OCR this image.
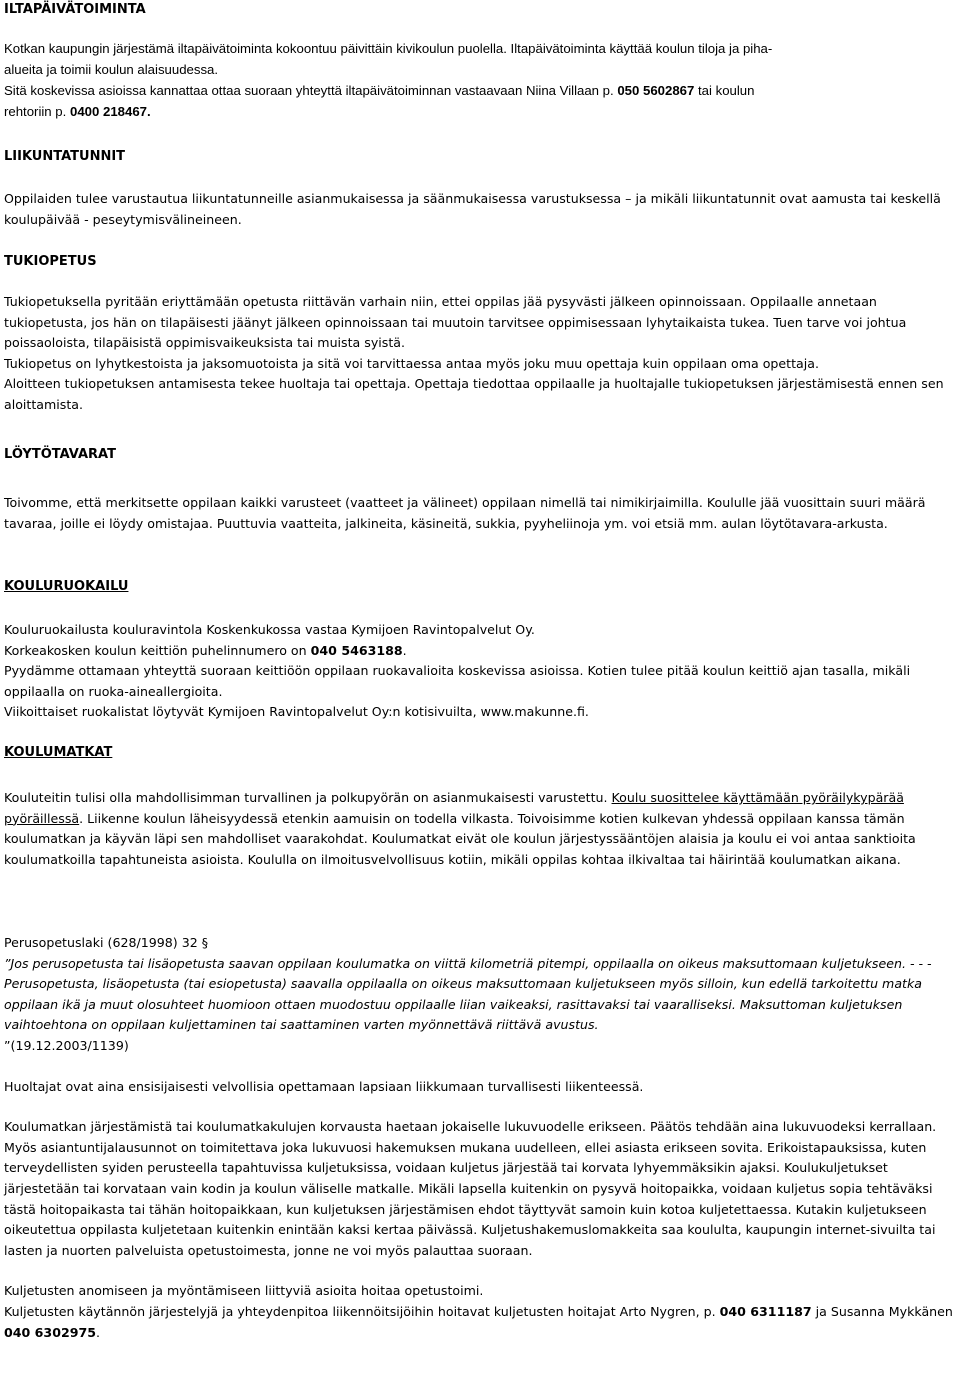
ILTAPÄIVÄTOIMINTA

Kotkan kaupungin järjestämä iltapäivätoiminta kokoontuu päivittäin kivikoulun puolella. Iltapäivätoiminta käyttää koulun tiloja ja piha-
alueita ja toimii koulun alaisuudessa.
Sitä koskevissa asioissa kannattaa ottaa suoraan yhteyttä iltapäivätoiminnan vastaavaan Niina Villaan p. 050 5602867 tai koulun
rehtoriin p. 0400 218467.

LIIKUNTATUNNIT

Oppilaiden tulee varustautua liikuntatunneille asianmukaisessa ja säänmukaisessa varustuksessa – ja mikäli liikuntatunnit ovat aamusta tai keskellä koulupäivää - peseytymisvälineineen.

TUKIOPETUS

Tukiopetuksella pyritään eriyttämään opetusta riittävän varhain niin, ettei oppilas jää pysyvästi jälkeen opinnoissaan. Oppilaalle annetaan tukiopetusta, jos hän on tilapäisesti jäänyt jälkeen opinnoissaan tai muutoin tarvitsee oppimisessaan lyhytaikaista tukea. Tuen tarve voi johtua poissaoloista, tilapäisistä oppimisvaikeuksista tai muista syistä.

Tukiopetus on lyhytkestoista ja jaksomuotoista ja sitä voi tarvittaessa antaa myös joku muu opettaja kuin oppilaan oma opettaja.

Aloitteen tukiopetuksen antamisesta tekee huoltaja tai opettaja. Opettaja tiedottaa oppilaalle ja huoltajalle tukiopetuksen järjestämisestä ennen sen aloittamista.

LÖYTÖTAVARAT

Toivomme, että merkitsette oppilaan kaikki varusteet (vaatteet ja välineet) oppilaan nimellä tai nimikirjaimilla. Koululle jää vuosittain suuri määrä tavaraa, joille ei löydy omistajaa. Puuttuvia vaatteita, jalkineita, käsineitä, sukkia, pyyheliinoja ym. voi etsiä mm. aulan löytötavara-arkusta.

KOULURUOKAILU

Kouluruokailusta kouluravintola Koskenkukossa vastaa Kymijoen Ravintopalvelut Oy.

Korkeakosken koulun keittiön puhelinnumero on 040 5463188.

Pyydämme ottamaan yhteyttä suoraan keittiöön oppilaan ruokavalioita koskevissa asioissa. Kotien tulee pitää koulun keittiö ajan tasalla, mikäli oppilaalla on ruoka-aineallergioita.

Viikoittaiset ruokalistat löytyvät Kymijoen Ravintopalvelut Oy:n kotisivuilta, www.makunne.fi.

KOULUMATKAT

Kouluteitin tulisi olla mahdollisimman turvallinen ja polkupyörän on asianmukaisesti varustettu. Koulu suosittelee käyttämään pyöräilykypärää pyöräillessä. Liikenne koulun läheisyydessä etenkin aamuisin on todella vilkasta. Toivoisimme kotien kulkevan yhdessä oppilaan kanssa tämän koulumatkan ja käyvän läpi sen mahdolliset vaarakohdat. Koulumatkat eivät ole koulun järjestyssääntöjen alaisia ja koulu ei voi antaa sanktioita koulumatkoilla tapahtuneista asioista. Koululla on ilmoitusvelvollisuus kotiin, mikäli oppilas kohtaa ilkivaltaa tai häirintää koulumatkan aikana.

Perusopetuslaki (628/1998) 32 §

”Jos perusopetusta tai lisäopetusta saavan oppilaan koulumatka on viittä kilometriä pitempi, oppilaalla on oikeus maksuttomaan kuljetukseen. - - - Perusopetusta, lisäopetusta (tai esiopetusta) saavalla oppilaalla on oikeus maksuttomaan kuljetukseen myös silloin, kun edellä tarkoitettu matka oppilaan ikä ja muut olosuhteet huomioon ottaen muodostuu oppilaalle liian vaikeaksi, rasittavaksi tai vaaralliseksi. Maksuttoman kuljetuksen vaihtoehtona on oppilaan kuljettaminen tai saattaminen varten myönnettävä riittävä avustus.

”(19.12.2003/1139)

Huoltajat ovat aina ensisijaisesti velvollisia opettamaan lapsiaan liikkumaan turvallisesti liikenteessä.

Koulumatkan järjestämistä tai koulumatkakulujen korvausta haetaan jokaiselle lukuvuodelle erikseen. Päätös tehdään aina lukuvuodeksi kerrallaan. Myös asiantuntijalausunnot on toimitettava joka lukuvuosi hakemuksen mukana uudelleen, ellei asiasta erikseen sovita. Erikoistapauksissa, kuten terveydellisten syiden perusteella tapahtuvissa kuljetuksissa, voidaan kuljetus järjestää tai korvata lyhyemmäksikin ajaksi. Koulukuljetukset järjestetään tai korvataan vain kodin ja koulun väliselle matkalle. Mikäli lapsella kuitenkin on pysyvä hoitopaikka, voidaan kuljetus sopia tehtäväksi tästä hoitopaikasta tai tähän hoitopaikkaan, kun kuljetuksen järjestämisen ehdot täyttyvät samoin kuin kotoa kuljetettaessa. Kutakin kuljetukseen oikeutettua oppilasta kuljetetaan kuitenkin enintään kaksi kertaa päivässä. Kuljetushakemuslomakkeita saa koululta, kaupungin internet-sivuilta tai lasten ja nuorten palveluista opetustoimesta, jonne ne voi myös palauttaa suoraan.

Kuljetusten anomiseen ja myöntämiseen liittyviä asioita hoitaa opetustoimi.

Kuljetusten käytännön järjestelyjä ja yhteydenpitoa liikennöitsijöihin hoitavat kuljetusten hoitajat Arto Nygren, p. 040 6311187 ja Susanna Mykkänen 040 6302975.
